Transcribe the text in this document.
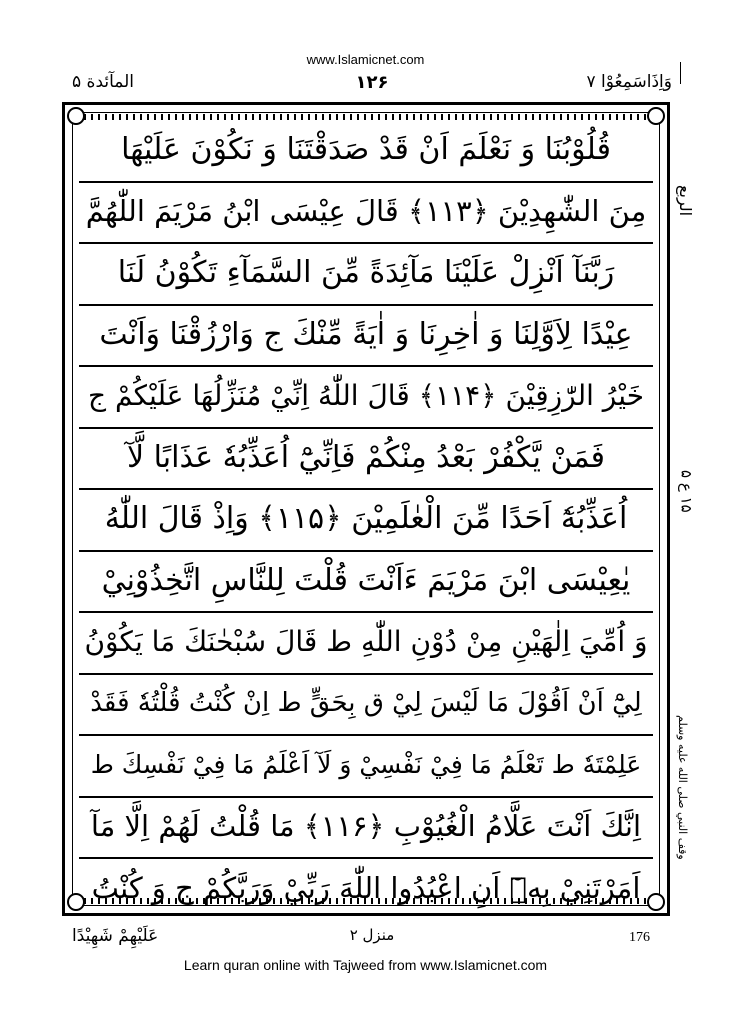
www.Islamicnet.com
المآئدة ۵	۱۲۶	وَاِذَاسَمِعُوْا ۷
قُلُوْبُنَا وَ نَعْلَمَ اَنْ قَدْ صَدَقْتَنَا وَ نَكُوْنَ عَلَيْهَا
مِنَ الشّٰهِدِيْنَ ﴿۱۱۳﴾ قَالَ عِيْسَى ابْنُ مَرْيَمَ اللّٰهُمَّ
رَبَّنَآ اَنْزِلْ عَلَيْنَا مَآئِدَةً مِّنَ السَّمَآءِ تَكُوْنُ لَنَا
عِيْدًا لِاَوَّلِنَا وَ اٰخِرِنَا وَ اٰيَةً مِّنْكَ ج وَارْزُقْنَا وَاَنْتَ
خَيْرُ الرّٰزِقِيْنَ ﴿۱۱۴﴾ قَالَ اللّٰهُ اِنِّيْ مُنَزِّلُهَا عَلَيْكُمْ ج
فَمَنْ يَّكْفُرْ بَعْدُ مِنْكُمْ فَاِنِّيْٓ اُعَذِّبُهٗ عَذَابًا لَّآ
اُعَذِّبُهٗٓ اَحَدًا مِّنَ الْعٰلَمِيْنَ ﴿۱۱۵﴾ وَاِذْ قَالَ اللّٰهُ
يٰعِيْسَى ابْنَ مَرْيَمَ ءَاَنْتَ قُلْتَ لِلنَّاسِ اتَّخِذُوْنِيْ
وَ اُمِّيَ اِلٰهَيْنِ مِنْ دُوْنِ اللّٰهِ ط قَالَ سُبْحٰنَكَ مَا يَكُوْنُ
لِيْٓ اَنْ اَقُوْلَ مَا لَيْسَ لِيْ ق بِحَقٍّ ط اِنْ كُنْتُ قُلْتُهٗ فَقَدْ
عَلِمْتَهٗ ط تَعْلَمُ مَا فِيْ نَفْسِيْ وَ لَآ اَعْلَمُ مَا فِيْ نَفْسِكَ ط
اِنَّكَ اَنْتَ عَلَّامُ الْغُيُوْبِ ﴿۱۱۶﴾ مَا قُلْتُ لَهُمْ اِلَّا مَآ
اَمَرْتَنِيْ بِهٖٓ اَنِ اعْبُدُوا اللّٰهَ رَبِّيْ وَرَبَّكُمْ ج وَ كُنْتُ
الربع
۱۵ ع ۵
وقف النبي صلى الله عليه وسلم
عَلَيْهِمْ شَهِيْدًا	منزل ۲	176
Learn quran online with Tajweed from www.Islamicnet.com
